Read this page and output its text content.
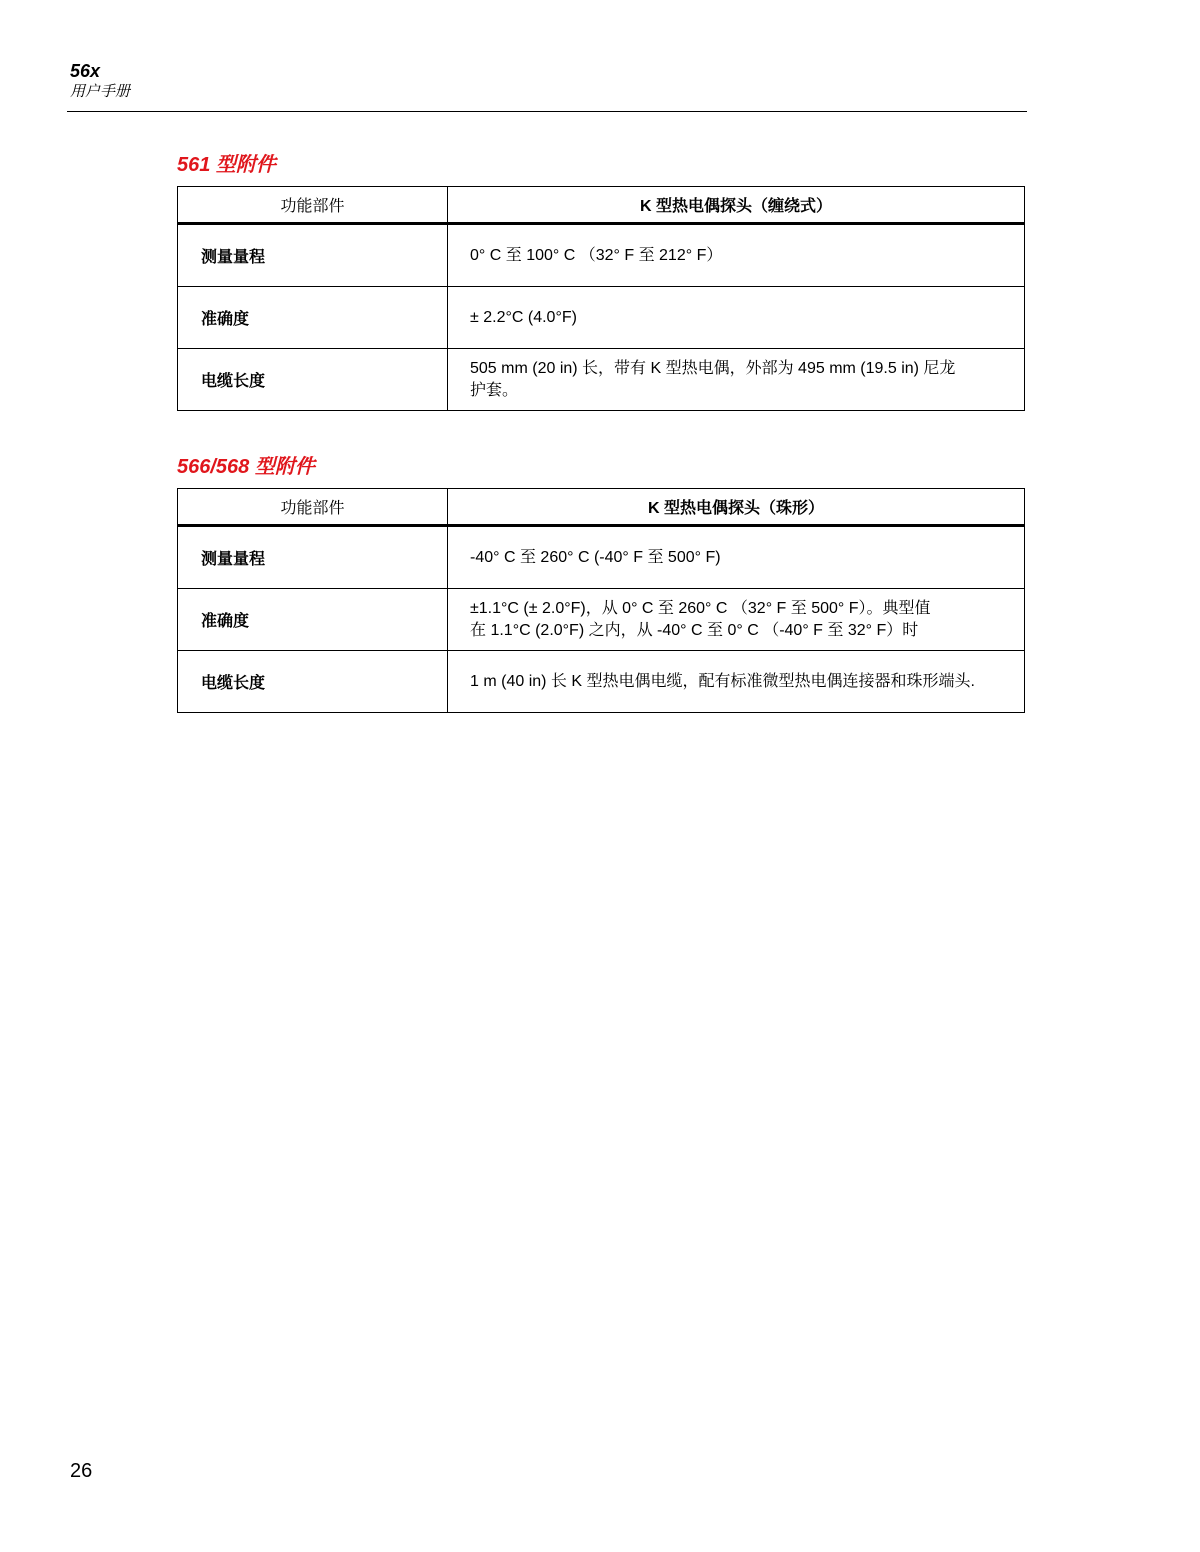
56x
用户手册
561 型附件
功能部件	K 型热电偶探头（缠绕式）
测量量程	0° C 至 100° C （32° F 至 212° F）
准确度	± 2.2°C (4.0°F)
电缆长度	505 mm (20 in) 长，带有 K 型热电偶，外部为 495 mm (19.5 in) 尼龙
护套。
566/568 型附件
功能部件	K 型热电偶探头（珠形）
测量量程	-40° C 至 260° C (-40° F 至 500° F)
准确度	±1.1°C (± 2.0°F)，从 0° C 至 260° C （32° F 至 500° F）。典型值
在 1.1°C (2.0°F) 之内，从 -40° C 至 0° C （-40° F 至 32° F）时
电缆长度	1 m (40 in) 长 K 型热电偶电缆，配有标准微型热电偶连接器和珠形端头.
26
